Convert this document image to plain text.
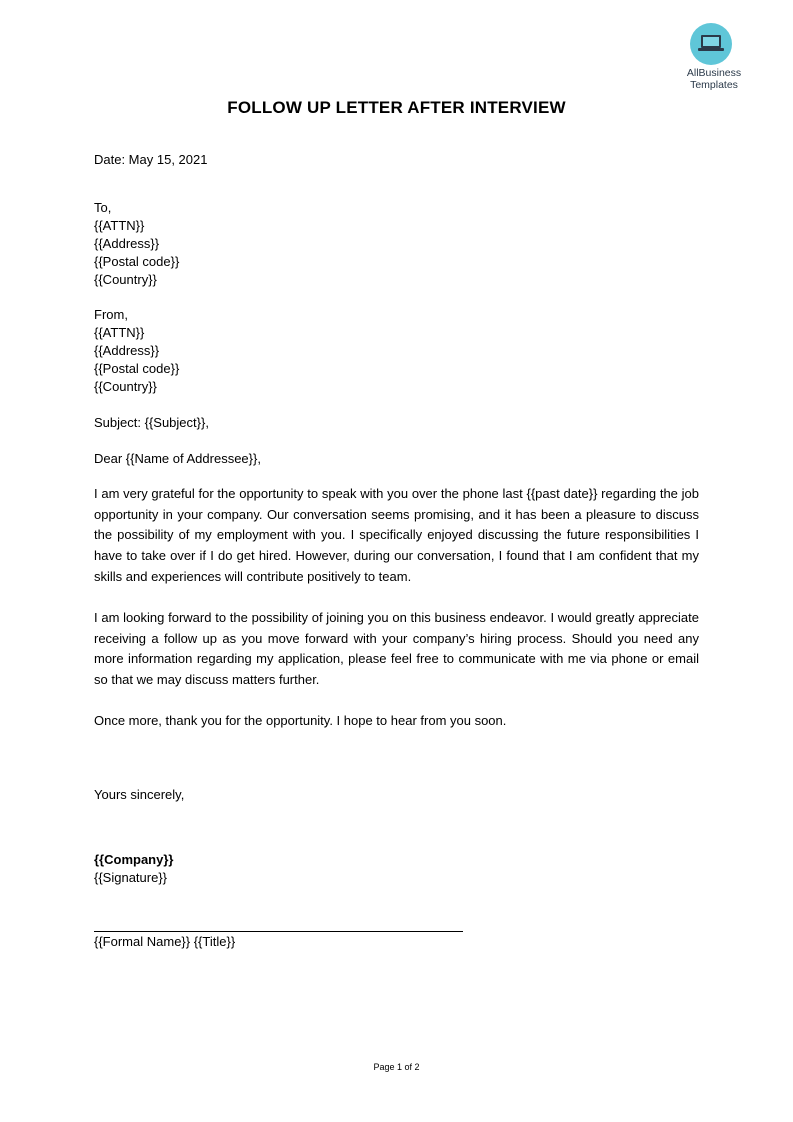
AllBusiness
Templates
FOLLOW UP LETTER AFTER INTERVIEW
Date: May 15, 2021
To,
{{ATTN}}
{{Address}}
{{Postal code}}
{{Country}}
From,
{{ATTN}}
{{Address}}
{{Postal code}}
{{Country}}
Subject: {{Subject}},
Dear {{Name of Addressee}},
I am very grateful for the opportunity to speak with you over the phone last {{past date}} regarding the job opportunity in your company. Our conversation seems promising, and it has been a pleasure to discuss the possibility of my employment with you. I specifically enjoyed discussing the future responsibilities I have to take over if I do get hired. However, during our conversation, I found that I am confident that my skills and experiences will contribute positively to team.
I am looking forward to the possibility of joining you on this business endeavor. I would greatly appreciate receiving a follow up as you move forward with your company’s hiring process. Should you need any more information regarding my application, please feel free to communicate with me via phone or email so that we may discuss matters further.
Once more, thank you for the opportunity. I hope to hear from you soon.
Yours sincerely,
{{Company}}
{{Signature}}
{{Formal Name}} {{Title}}
Page 1 of 2
